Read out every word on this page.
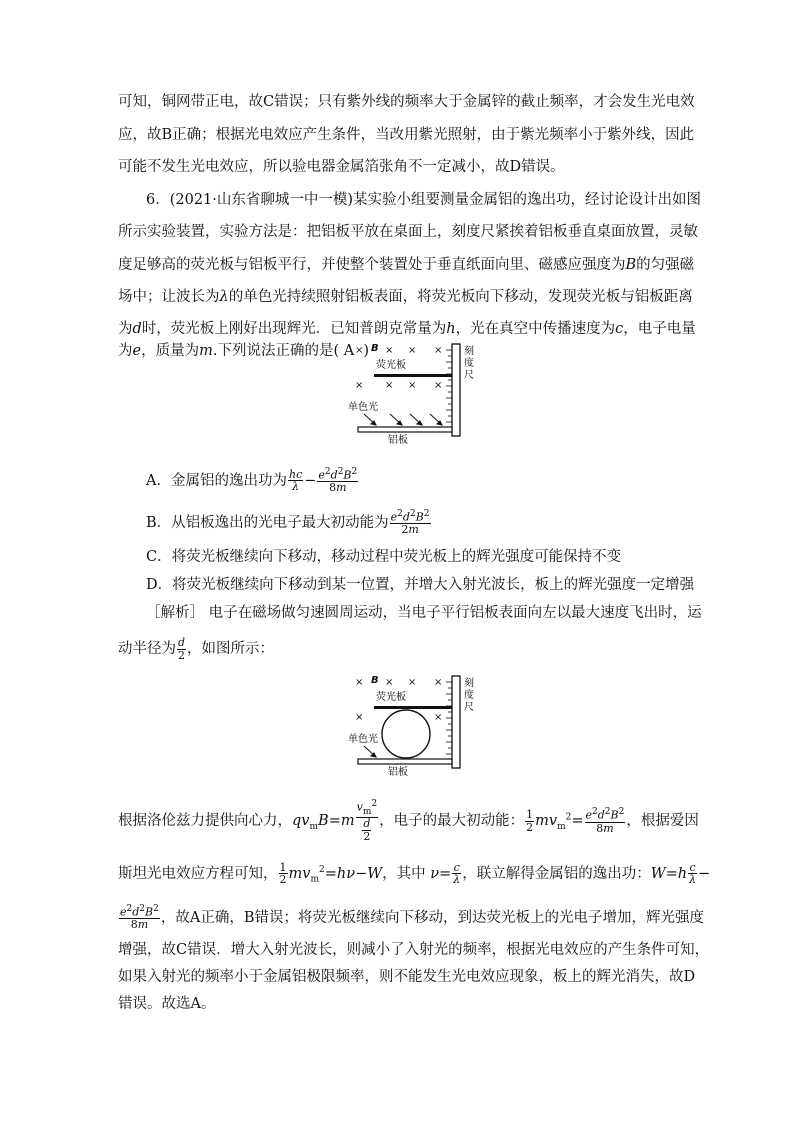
可知，铜网带正电，故C错误；只有紫外线的频率大于金属锌的截止频率，才会发生光电效
应，故B正确；根据光电效应产生条件，当改用紫光照射，由于紫光频率小于紫外线，因此
可能不发生光电效应，所以验电器金属箔张角不一定减小，故D错误。
6．(2021·山东省聊城一中一模)某实验小组要测量金属铝的逸出功，经讨论设计出如图
所示实验装置，实验方法是：把铝板平放在桌面上，刻度尺紧挨着铝板垂直桌面放置，灵敏
度足够高的荧光板与铝板平行，并使整个装置处于垂直纸面向里、磁感应强度为B的匀强磁
场中；让波长为λ的单色光持续照射铝板表面，将荧光板向下移动，发现荧光板与铝板距离
为d时，荧光板上刚好出现辉光．已知普朗克常量为h，光在真空中传播速度为c，电子电量
为e，质量为m.下列说法正确的是( A )	刻
度
尺
× B × × ×
× × × ×
荧光板
单色光
铝板
A．金属铝的逸出功为 $\frac{hc}{\lambda} - \frac{e^2d^2B^2}{8m}$
B．从铝板逸出的光电子最大初动能为 $\frac{e^2d^2B^2}{2m}$
C．将荧光板继续向下移动，移动过程中荧光板上的辉光强度可能保持不变
D．将荧光板继续向下移动到某一位置，并增大入射光波长，板上的辉光强度一定增强
［解析］ 电子在磁场做匀速圆周运动，当电子平行铝板表面向左以最大速度飞出时，运
动半径为 $\frac{d}{2}$ ，如图所示：
刻
度
尺
× B × × ×
×	×
荧光板
单色光
铝板
根据洛伦兹力提供向心力，$qv_mB=m \frac{v_m^2}{\frac{d}{2}}$ ，电子的最大初动能： $\frac{1}{2} mv_m^2= \frac{e^2d^2B^2}{8m}$ ，根据爱因
斯坦光电效应方程可知， $\frac{1}{2} mv_m^2=h\nu-W$，其中 $\nu= \frac{c}{\lambda}$ ，联立解得金属铝的逸出功：$W=h \frac{c}{\lambda}$ −
$\frac{e^2d^2B^2}{8m}$ ，故A正确，B错误；将荧光板继续向下移动，到达荧光板上的光电子增加，辉光强度
增强，故C错误．增大入射光波长，则减小了入射光的频率，根据光电效应的产生条件可知，
如果入射光的频率小于金属铝极限频率，则不能发生光电效应现象，板上的辉光消失，故D
错误。故选A。
